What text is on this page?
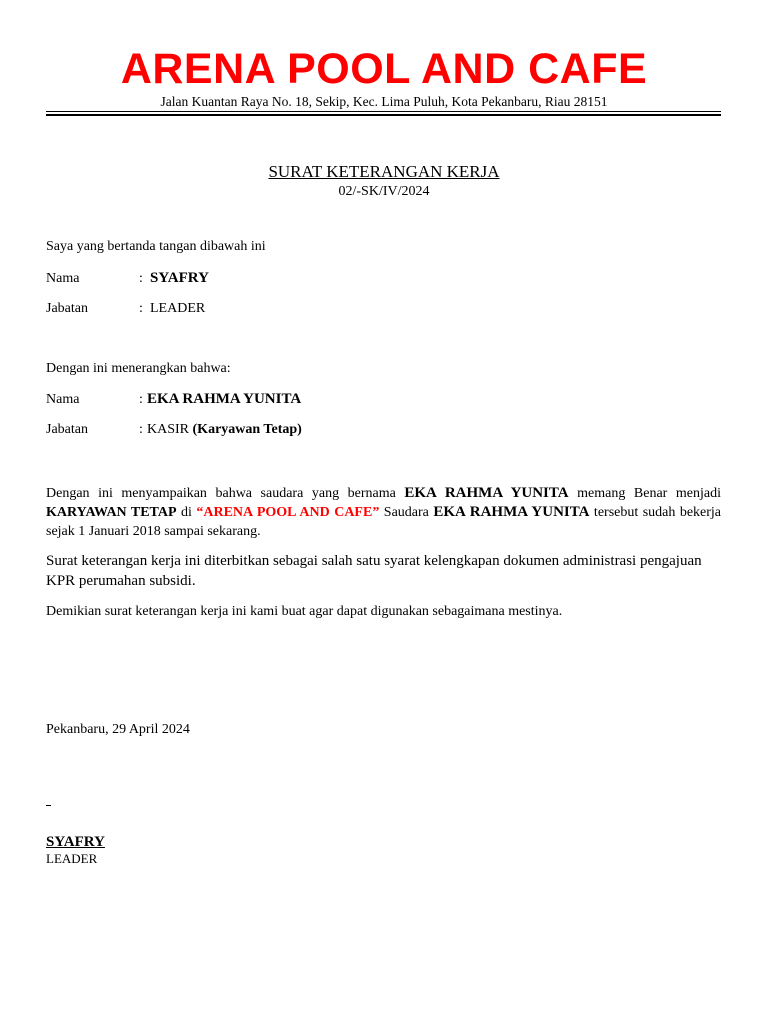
ARENA POOL AND CAFE
Jalan Kuantan Raya No. 18, Sekip, Kec. Lima Puluh, Kota Pekanbaru, Riau 28151
SURAT KETERANGAN KERJA
02/-SK/IV/2024
Saya yang bertanda tangan dibawah ini
Nama	: SYAFRY
Jabatan	: LEADER
Dengan ini menerangkan bahwa:
Nama	: EKA RAHMA YUNITA
Jabatan	: KASIR (Karyawan Tetap)
Dengan ini menyampaikan bahwa saudara yang bernama EKA RAHMA YUNITA memang Benar menjadi KARYAWAN TETAP di “ARENA POOL AND CAFE” Saudara EKA RAHMA YUNITA tersebut sudah bekerja sejak 1 Januari 2018 sampai sekarang.
Surat keterangan kerja ini diterbitkan sebagai salah satu syarat kelengkapan dokumen administrasi pengajuan KPR perumahan subsidi.
Demikian surat keterangan kerja ini kami buat agar dapat digunakan sebagaimana mestinya.
Pekanbaru, 29 April 2024
SYAFRY
LEADER
